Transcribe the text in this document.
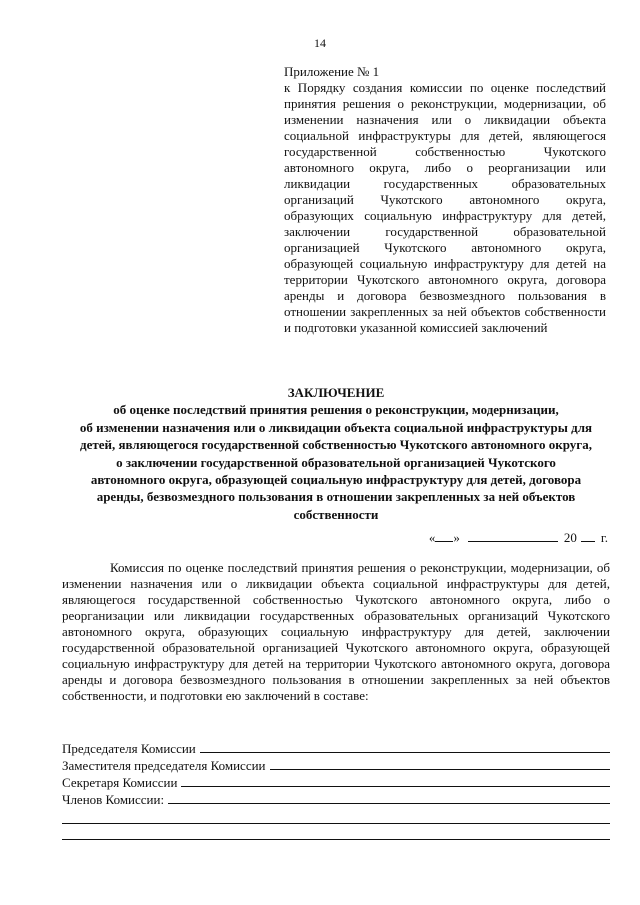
14
Приложение № 1
к Порядку создания комиссии по оценке последствий принятия решения о реконструкции, модернизации, об изменении назначения или о ликвидации объекта социальной инфраструктуры для детей, являющегося государственной собственностью Чукотского автономного округа, либо о реорганизации или ликвидации государственных образовательных организаций Чукотского автономного округа, образующих социальную инфраструктуру для детей, заключении государственной образовательной организацией Чукотского автономного округа, образующей социальную инфраструктуру для детей на территории Чукотского автономного округа, договора аренды и договора безвозмездного пользования в отношении закрепленных за ней объектов собственности и подготовки указанной комиссией заключений
ЗАКЛЮЧЕНИЕ
об оценке последствий принятия решения о реконструкции, модернизации,
об изменении назначения или о ликвидации объекта социальной инфраструктуры для
детей, являющегося государственной собственностью Чукотского автономного округа,
о заключении государственной образовательной организацией Чукотского
автономного округа, образующей социальную инфраструктуру для детей, договора
аренды, безвозмездного пользования в отношении закрепленных за ней объектов
собственности
« »	20 г.
Комиссия по оценке последствий принятия решения о реконструкции, модернизации, об изменении назначения или о ликвидации объекта социальной инфраструктуры для детей, являющегося государственной собственностью Чукотского автономного округа, либо о реорганизации или ликвидации государственных образовательных организаций Чукотского автономного округа, образующих социальную инфраструктуру для детей, заключении государственной образовательной организацией Чукотского автономного округа, образующей социальную инфраструктуру для детей на территории Чукотского автономного округа, договора аренды и договора безвозмездного пользования в отношении закрепленных за ней объектов собственности, и подготовки ею заключений в составе:
Председателя Комиссии
Заместителя председателя Комиссии
Секретаря Комиссии
Членов Комиссии:
